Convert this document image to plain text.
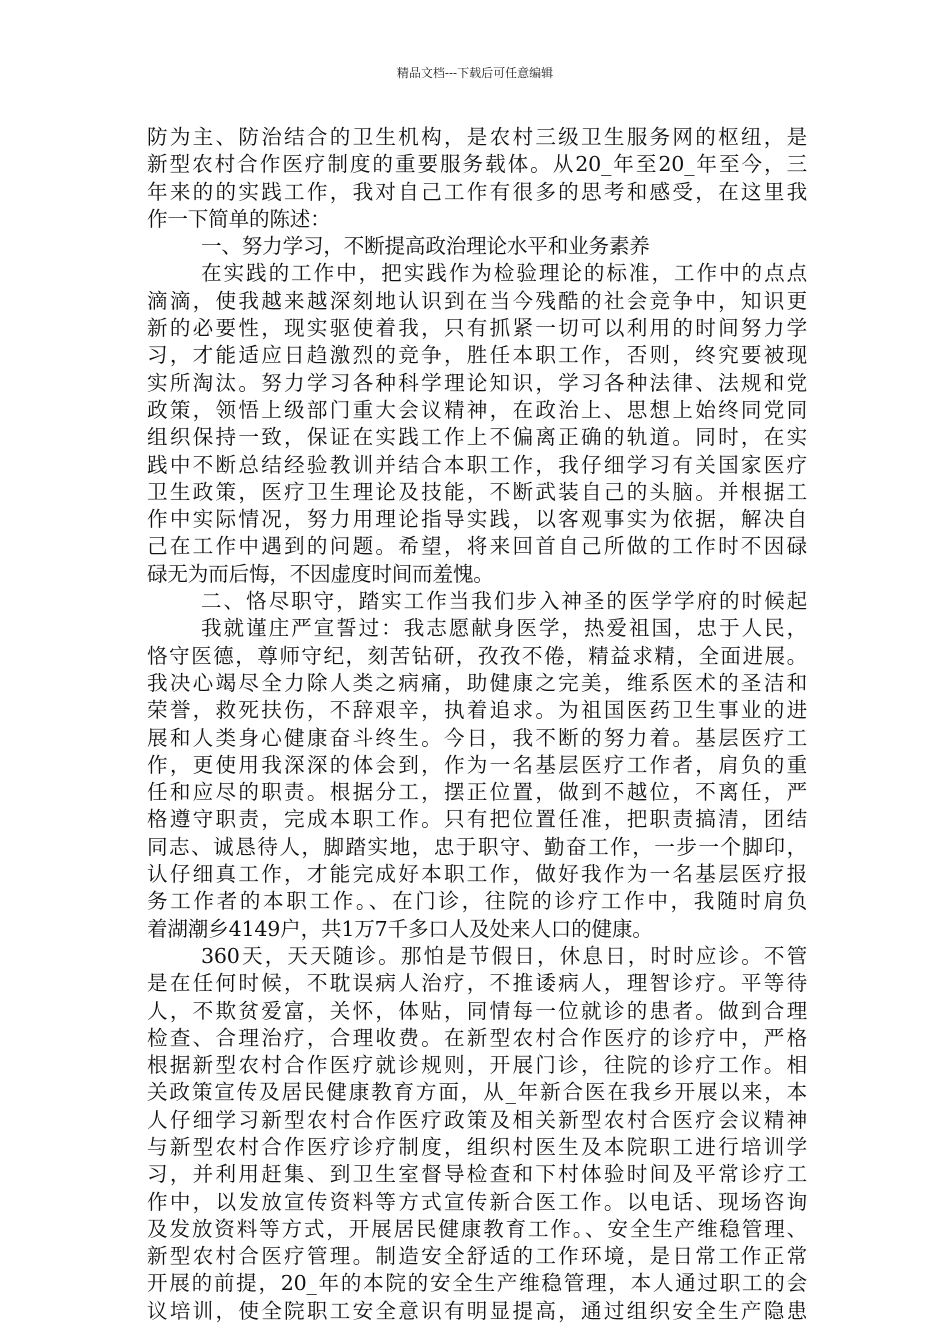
精品文档---下载后可任意编辑
防为主、防治结合的卫生机构，是农村三级卫生服务网的枢纽，是
新型农村合作医疗制度的重要服务载体。从20_年至20_年至今，三
年来的的实践工作，我对自己工作有很多的思考和感受，在这里我
作一下简单的陈述：
一、努力学习，不断提高政治理论水平和业务素养
在实践的工作中，把实践作为检验理论的标准，工作中的点点
滴滴，使我越来越深刻地认识到在当今残酷的社会竞争中，知识更
新的必要性，现实驱使着我，只有抓紧一切可以利用的时间努力学
习，才能适应日趋激烈的竞争，胜任本职工作，否则，终究要被现
实所淘汰。努力学习各种科学理论知识，学习各种法律、法规和党
政策，领悟上级部门重大会议精神，在政治上、思想上始终同党同
组织保持一致，保证在实践工作上不偏离正确的轨道。同时，在实
践中不断总结经验教训并结合本职工作，我仔细学习有关国家医疗
卫生政策，医疗卫生理论及技能，不断武装自己的头脑。并根据工
作中实际情况，努力用理论指导实践，以客观事实为依据，解决自
己在工作中遇到的问题。希望，将来回首自己所做的工作时不因碌
碌无为而后悔，不因虚度时间而羞愧。
二、恪尽职守，踏实工作当我们步入神圣的医学学府的时候起
我就谨庄严宣誓过：我志愿献身医学，热爱祖国，忠于人民，
恪守医德，尊师守纪，刻苦钻研，孜孜不倦，精益求精，全面进展。
我决心竭尽全力除人类之病痛，助健康之完美，维系医术的圣洁和
荣誉，救死扶伤，不辞艰辛，执着追求。为祖国医药卫生事业的进
展和人类身心健康奋斗终生。今日，我不断的努力着。基层医疗工
作，更使用我深深的体会到，作为一名基层医疗工作者，肩负的重
任和应尽的职责。根据分工，摆正位置，做到不越位，不离任，严
格遵守职责，完成本职工作。只有把位置任准，把职责搞清，团结
同志、诚恳待人，脚踏实地，忠于职守、勤奋工作，一步一个脚印，
认仔细真工作，才能完成好本职工作，做好我作为一名基层医疗报
务工作者的本职工作。、在门诊，往院的诊疗工作中，我随时肩负
着湖潮乡4149户，共1万7千多口人及处来人口的健康。
360天，天天随诊。那怕是节假日，休息日，时时应诊。不管
是在任何时候，不耽误病人治疗，不推诿病人，理智诊疗。平等待
人，不欺贫爱富，关怀，体贴，同情每一位就诊的患者。做到合理
检查、合理治疗，合理收费。在新型农村合作医疗的诊疗中，严格
根据新型农村合作医疗就诊规则，开展门诊，往院的诊疗工作。相
关政策宣传及居民健康教育方面，从_年新合医在我乡开展以来，本
人仔细学习新型农村合作医疗政策及相关新型农村合医疗会议精神
与新型农村合作医疗诊疗制度，组织村医生及本院职工进行培训学
习，并利用赶集、到卫生室督导检查和下村体验时间及平常诊疗工
作中，以发放宣传资料等方式宣传新合医工作。以电话、现场咨询
及发放资料等方式，开展居民健康教育工作。、安全生产维稳管理、
新型农村合医疗管理。制造安全舒适的工作环境，是日常工作正常
开展的前提，20_年的本院的安全生产维稳管理，本人通过职工的会
议培训，使全院职工安全意识有明显提高，通过组织安全生产隐患
